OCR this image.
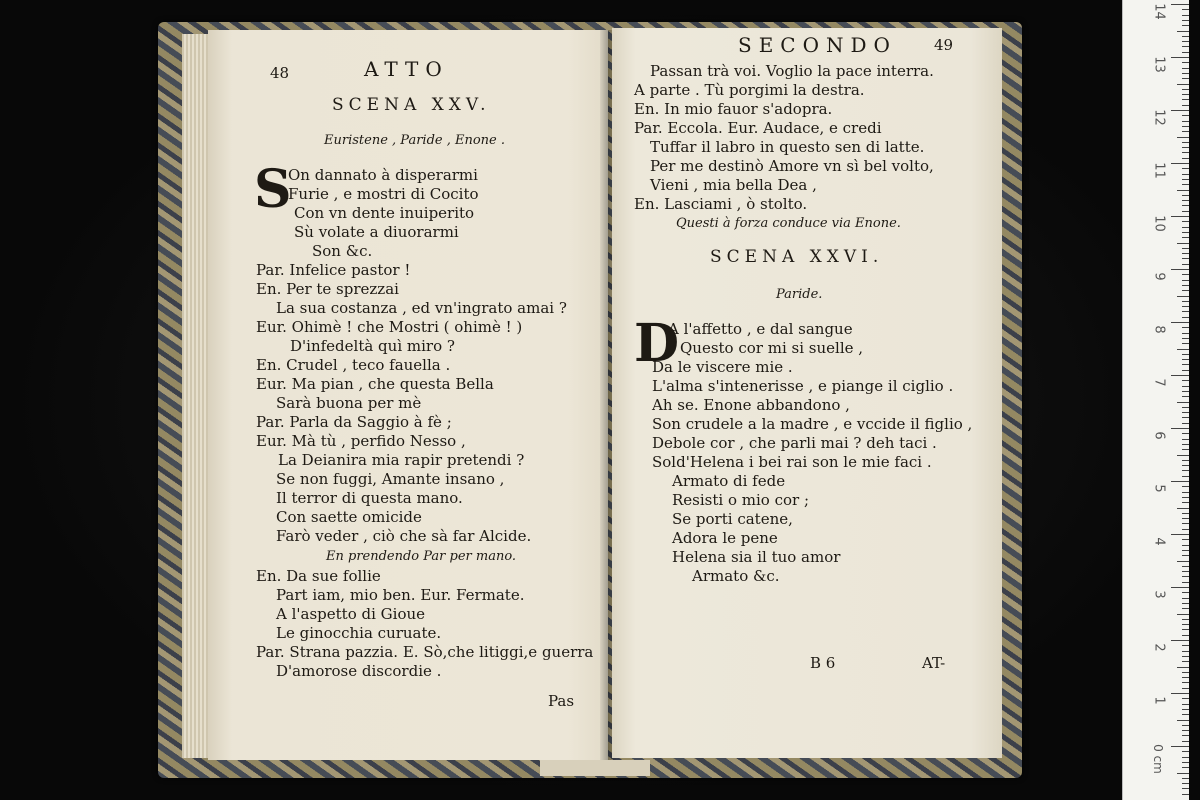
48	ATTO
SCENA XXV.
Euristene , Paride , Enone .
S
On dannato à disperarmi
Furie , e mostri di Cocito
Con vn dente inuiperito
Sù volate a diuorarmi
Son &c.
Par. Infelice pastor !
En. Per te sprezzai
La sua costanza , ed vn'ingrato amai ?
Eur. Ohimè ! che Mostri ( ohimè ! )
D'infedeltà quì miro ?
En. Crudel , teco fauella .
Eur. Ma pian , che questa Bella
Sarà buona per mè
Par. Parla da Saggio à fè ;
Eur. Mà tù , perfido Nesso ,
La Deianira mia rapir pretendi ?
Se non fuggi, Amante insano ,
Il terror di questa mano.
Con saette omicide
Farò veder , ciò che sà far Alcide.
En prendendo Par per mano.
En. Da sue follie
Part iam, mio ben. Eur. Fermate.
A l'aspetto di Gioue
Le ginocchia curuate.
Par. Strana pazzia. E. Sò,che litiggi,e guerra
D'amorose discordie .
Pas
SECONDO 49
Passan trà voi. Voglio la pace interra.
A parte . Tù porgimi la destra.
En. In mio fauor s'adopra.
Par. Eccola. Eur. Audace, e credi
Tuffar il labro in questo sen di latte.
Per me destinò Amore vn sì bel volto,
Vieni , mia bella Dea ,
En. Lasciami , ò stolto.
Questi à forza conduce via Enone.
SCENA XXVI.
Paride.
D
A l'affetto , e dal sangue
Questo cor mi si suelle ,
Da le viscere mie .
L'alma s'intenerisse , e piange il ciglio .
Ah se. Enone abbandono ,
Son crudele a la madre , e vccide il figlio ,
Debole cor , che parli mai ? deh taci .
Sold'Helena i bei rai son le mie faci .
Armato di fede
Resisti o mio cor ;
Se porti catene,
Adora le pene
Helena sia il tuo amor
Armato &c.
B 6	AT-
14
13
12
11
10
9
8
7
6
5
4
3
2
1
0 cm
